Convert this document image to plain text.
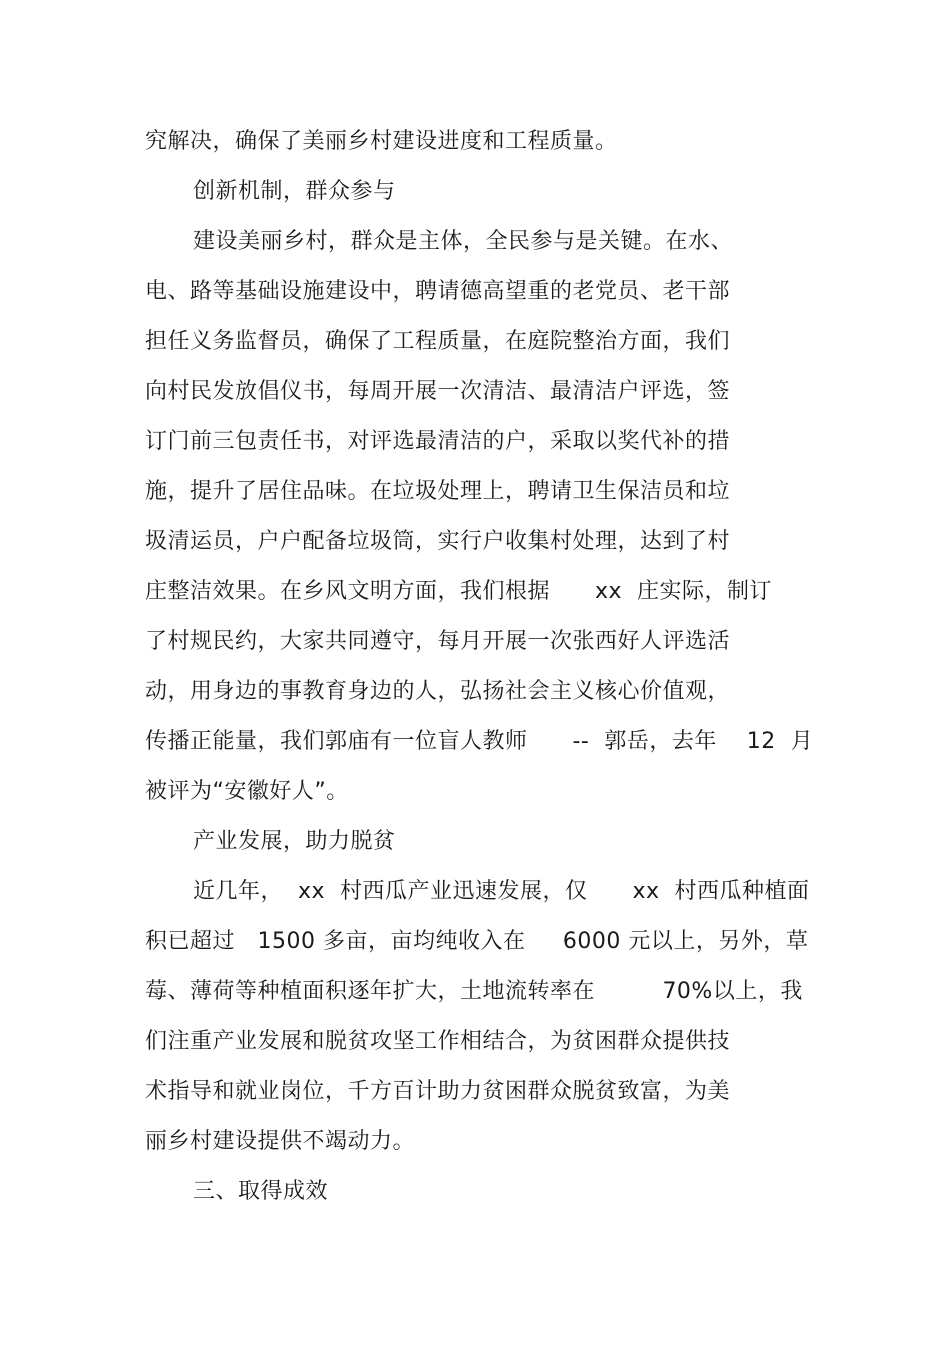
究解决，确保了美丽乡村建设进度和工程质量。
创新机制，群众参与
建设美丽乡村，群众是主体，全民参与是关键。在水、
电、路等基础设施建设中，聘请德高望重的老党员、老干部
担任义务监督员，确保了工程质量，在庭院整治方面，我们
向村民发放倡仪书，每周开展一次清洁、最清洁户评选，签
订门前三包责任书，对评选最清洁的户，采取以奖代补的措
施，提升了居住品味。在垃圾处理上，聘请卫生保洁员和垃
圾清运员，户户配备垃圾筒，实行户收集村处理，达到了村
庄整洁效果。在乡风文明方面，我们根据      xx  庄实际，制订
了村规民约，大家共同遵守，每月开展一次张西好人评选活
动，用身边的事教育身边的人，弘扬社会主义核心价值观，
传播正能量，我们郭庙有一位盲人教师      --  郭岳，去年    12  月
被评为“安徽好人”。
产业发展，助力脱贫
近几年，  xx  村西瓜产业迅速发展，仅      xx  村西瓜种植面
积已超过   1500 多亩，亩均纯收入在     6000 元以上，另外，草
莓、薄荷等种植面积逐年扩大，土地流转率在         70%以上，我
们注重产业发展和脱贫攻坚工作相结合，为贫困群众提供技
术指导和就业岗位，千方百计助力贫困群众脱贫致富，为美
丽乡村建设提供不竭动力。
三、取得成效
